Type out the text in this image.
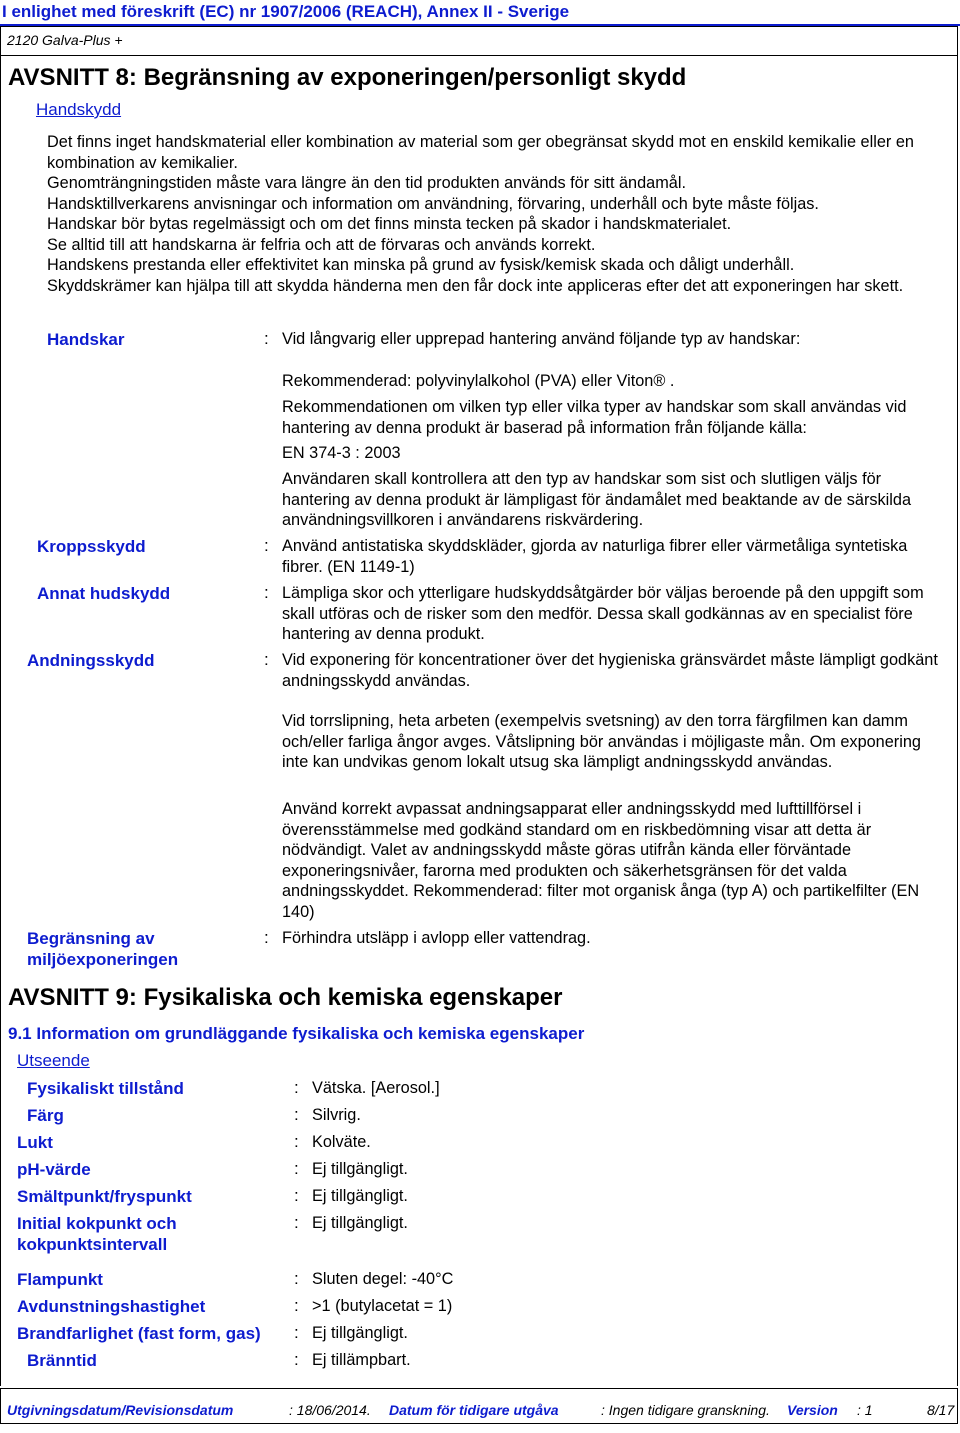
I enlighet med föreskrift (EC) nr 1907/2006 (REACH), Annex II - Sverige
2120 Galva-Plus +
AVSNITT 8: Begränsning av exponeringen/personligt skydd
Handskydd

Det finns inget handskmaterial eller kombination av material som ger obegränsat skydd mot en enskild kemikalie eller en kombination av kemikalier.

Genomträngningstiden måste vara längre än den tid produkten används för sitt ändamål.

Handsktillverkarens anvisningar och information om användning, förvaring, underhåll och byte måste följas.

Handskar bör bytas regelmässigt och om det finns minsta tecken på skador i handskmaterialet.

Se alltid till att handskarna är felfria och att de förvaras och används korrekt.

Handskens prestanda eller effektivitet kan minska på grund av fysisk/kemisk skada och dåligt underhåll.

Skyddskrämer kan hjälpa till att skydda händerna men den får dock inte appliceras efter det att exponeringen har skett.

Handskar	: Vid långvarig eller upprepad hantering använd följande typ av handskar:
Rekommenderad: polyvinylalkohol (PVA) eller Viton® .
Rekommendationen om vilken typ eller vilka typer av handskar som skall användas vid hantering av denna produkt är baserad på information från följande källa:
EN 374-3 : 2003
Användaren skall kontrollera att den typ av handskar som sist och slutligen väljs för hantering av denna produkt är lämpligast för ändamålet med beaktande av de särskilda användningsvillkoren i användarens riskvärdering.
Kroppsskydd	: Använd antistatiska skyddskläder, gjorda av naturliga fibrer eller värmetåliga syntetiska fibrer. (EN 1149-1)
Annat hudskydd	: Lämpliga skor och ytterligare hudskyddsåtgärder bör väljas beroende på den uppgift som skall utföras och de risker som den medför. Dessa skall godkännas av en specialist före hantering av denna produkt.
Andningsskydd	: Vid exponering för koncentrationer över det hygieniska gränsvärdet måste lämpligt godkänt andningsskydd användas.
Vid torrslipning, heta arbeten (exempelvis svetsning) av den torra färgfilmen kan damm och/eller farliga ångor avges. Våtslipning bör användas i möjligaste mån. Om exponering inte kan undvikas genom lokalt utsug ska lämpligt andningsskydd användas.
Använd korrekt avpassat andningsapparat eller andningsskydd med lufttillförsel i överensstämmelse med godkänd standard om en riskbedömning visar att detta är nödvändigt. Valet av andningsskydd måste göras utifrån kända eller förväntade exponeringsnivåer, farorna med produkten och säkerhetsgränsen för det valda andningsskyddet. Rekommenderad: filter mot organisk ånga (typ A) och partikelfilter (EN 140)
Begränsning av miljöexponeringen
: Förhindra utsläpp i avlopp eller vattendrag.
AVSNITT 9: Fysikaliska och kemiska egenskaper
9.1 Information om grundläggande fysikaliska och kemiska egenskaper
Utseende
Fysikaliskt tillstånd	: Vätska. [Aerosol.]
Färg	: Silvrig.
Lukt	: Kolväte.
pH-värde	: Ej tillgängligt.
Smältpunkt/fryspunkt	: Ej tillgängligt.
Initial kokpunkt och kokpunktsintervall
: Ej tillgängligt.
Flampunkt	: Sluten degel: -40°C
Avdunstningshastighet	: >1 (butylacetat = 1)
Brandfarlighet (fast form, gas)	: Ej tillgängligt.
Bränntid	: Ej tillämpbart.
Utgivningsdatum/Revisionsdatum	: 18/06/2014. Datum för tidigare utgåva	: Ingen tidigare granskning. Version : 1	8/17
